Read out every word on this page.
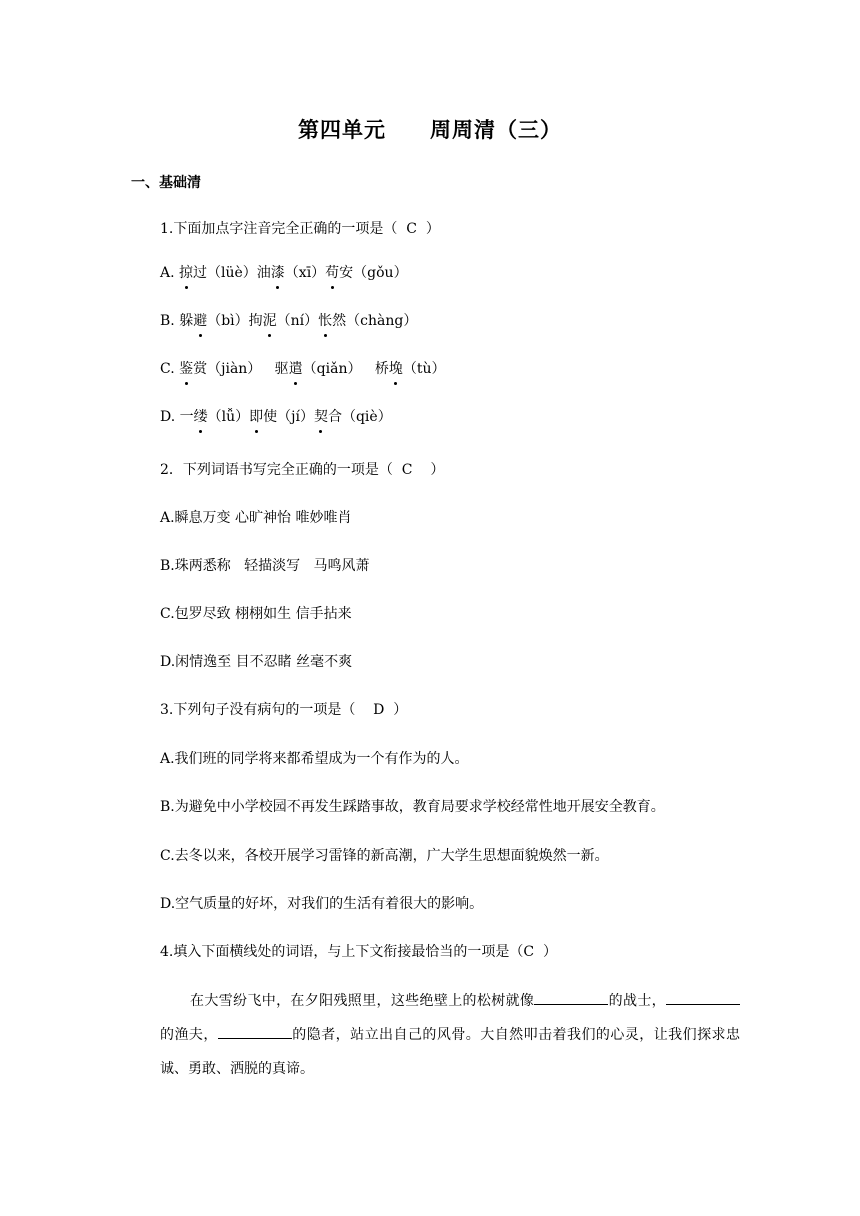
第四单元 周周清（三）
一、基础清
1.下面加点字注音完全正确的一项是（  C  ）
A. 掠过（lüè）油漆（xī）苟安（gǒu）
B. 躲避（bì）拘泥（ní）怅然（chàng）
C. 鉴赏（jiàn）   驱遣（qiǎn）   桥堍（tù）
D. 一缕（lǚ）即使（jí）契合（qiè）
2．下列词语书写完全正确的一项是（  C    ）
A.瞬息万变 心旷神怡 唯妙唯肖
B.珠两悉称   轻描淡写   马鸣风萧
C.包罗尽致 栩栩如生 信手拈来
D.闲情逸至 目不忍睹 丝毫不爽
3.下列句子没有病句的一项是（    D  ）
A.我们班的同学将来都希望成为一个有作为的人。
B.为避免中小学校园不再发生踩踏事故，教育局要求学校经常性地开展安全教育。
C.去冬以来，各校开展学习雷锋的新高潮，广大学生思想面貌焕然一新。
D.空气质量的好坏，对我们的生活有着很大的影响。
4.填入下面横线处的词语，与上下文衔接最恰当的一项是（C  ）
在大雪纷飞中，在夕阳残照里，这些绝壁上的松树就像	的战士，的渔夫，	的隐者，站立出自己的风骨。大自然叩击着我们的心灵，让我们探求忠诚、勇敢、洒脱的真谛。
